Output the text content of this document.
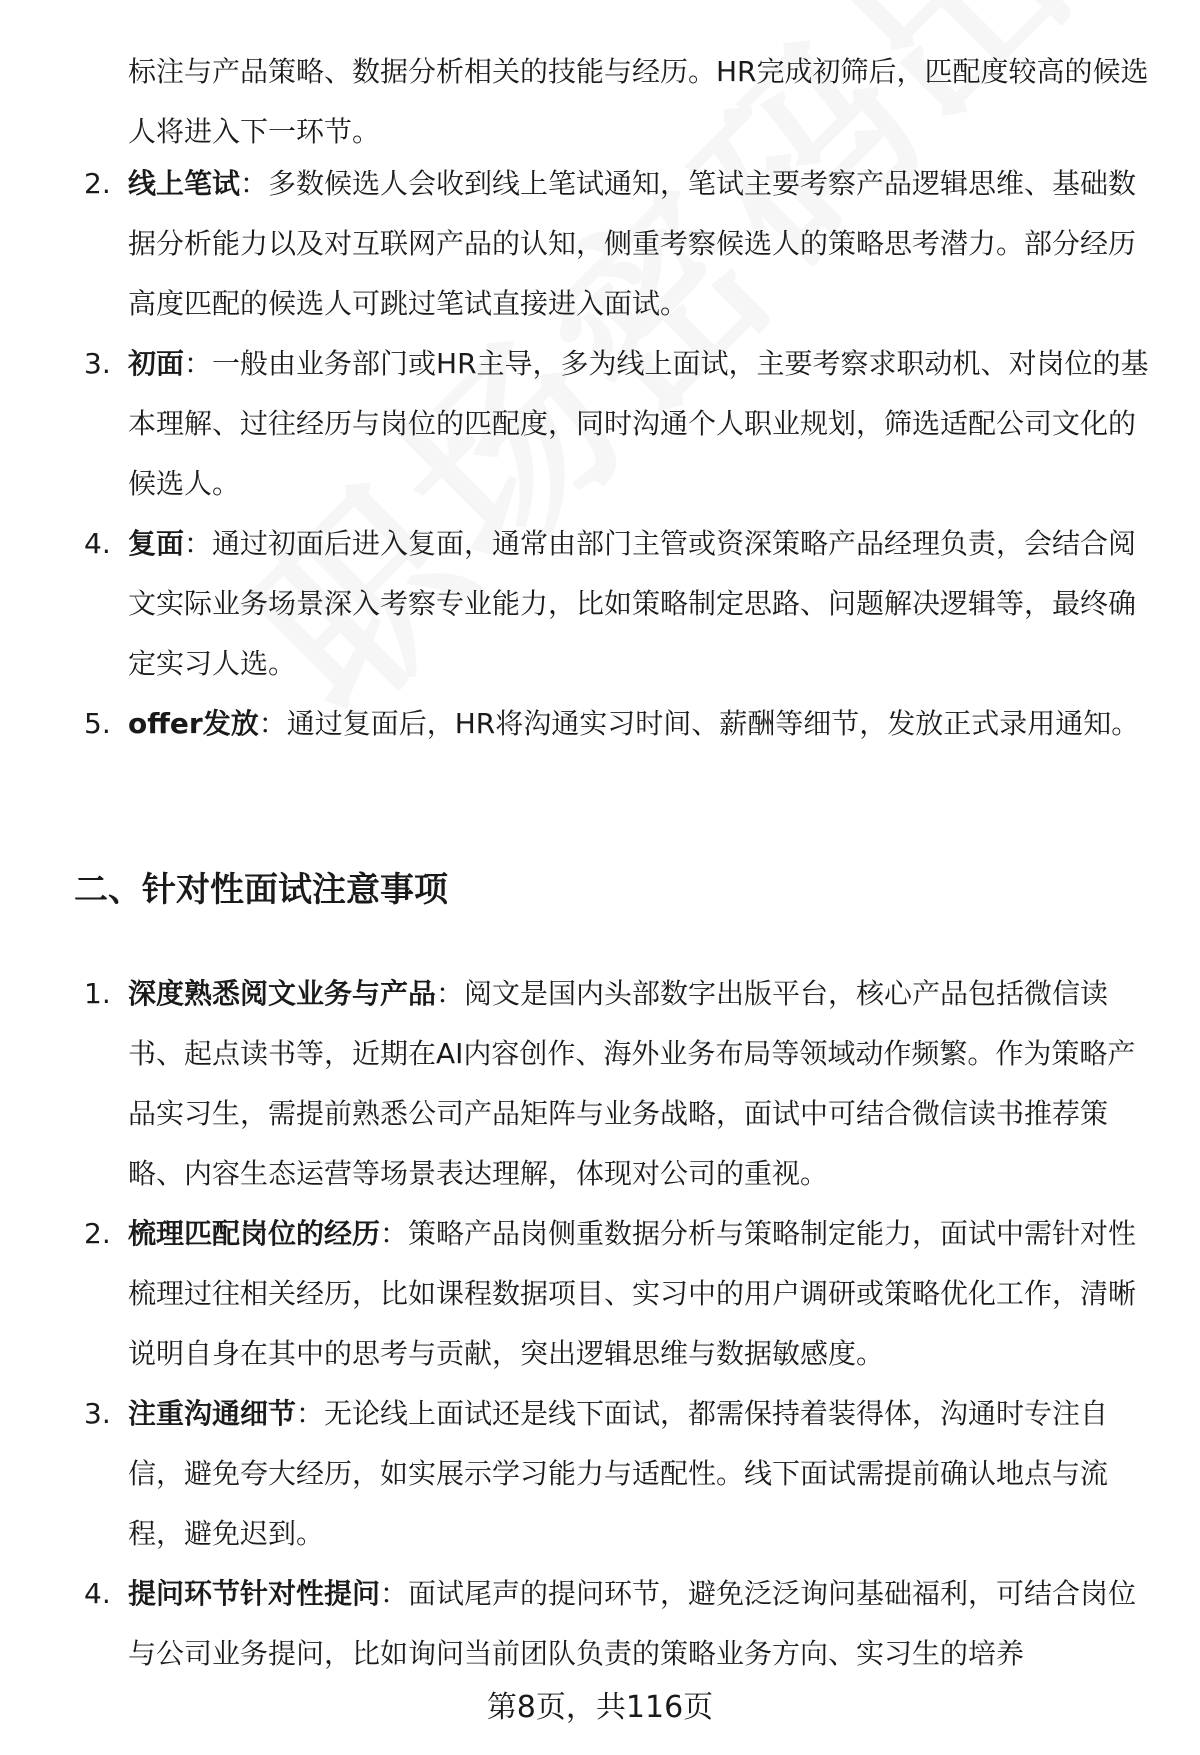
标注与产品策略、数据分析相关的技能与经历。HR完成初筛后，匹配度较高的候选人将进入下一环节。

2. 线上笔试：多数候选人会收到线上笔试通知，笔试主要考察产品逻辑思维、基础数据分析能力以及对互联网产品的认知，侧重考察候选人的策略思考潜力。部分经历高度匹配的候选人可跳过笔试直接进入面试。
3. 初面：一般由业务部门或HR主导，多为线上面试，主要考察求职动机、对岗位的基本理解、过往经历与岗位的匹配度，同时沟通个人职业规划，筛选适配公司文化的候选人。
4. 复面：通过初面后进入复面，通常由部门主管或资深策略产品经理负责，会结合阅文实际业务场景深入考察专业能力，比如策略制定思路、问题解决逻辑等，最终确定实习人选。
5. offer发放：通过复面后，HR将沟通实习时间、薪酬等细节，发放正式录用通知。
二、针对性面试注意事项
1. 深度熟悉阅文业务与产品：阅文是国内头部数字出版平台，核心产品包括微信读书、起点读书等，近期在AI内容创作、海外业务布局等领域动作频繁。作为策略产品实习生，需提前熟悉公司产品矩阵与业务战略，面试中可结合微信读书推荐策略、内容生态运营等场景表达理解，体现对公司的重视。
2. 梳理匹配岗位的经历：策略产品岗侧重数据分析与策略制定能力，面试中需针对性梳理过往相关经历，比如课程数据项目、实习中的用户调研或策略优化工作，清晰说明自身在其中的思考与贡献，突出逻辑思维与数据敏感度。
3. 注重沟通细节：无论线上面试还是线下面试，都需保持着装得体，沟通时专注自信，避免夸大经历，如实展示学习能力与适配性。线下面试需提前确认地点与流程，避免迟到。
4. 提问环节针对性提问：面试尾声的提问环节，避免泛泛询问基础福利，可结合岗位与公司业务提问，比如询问当前团队负责的策略业务方向、实习生的培养
第8页，共116页
